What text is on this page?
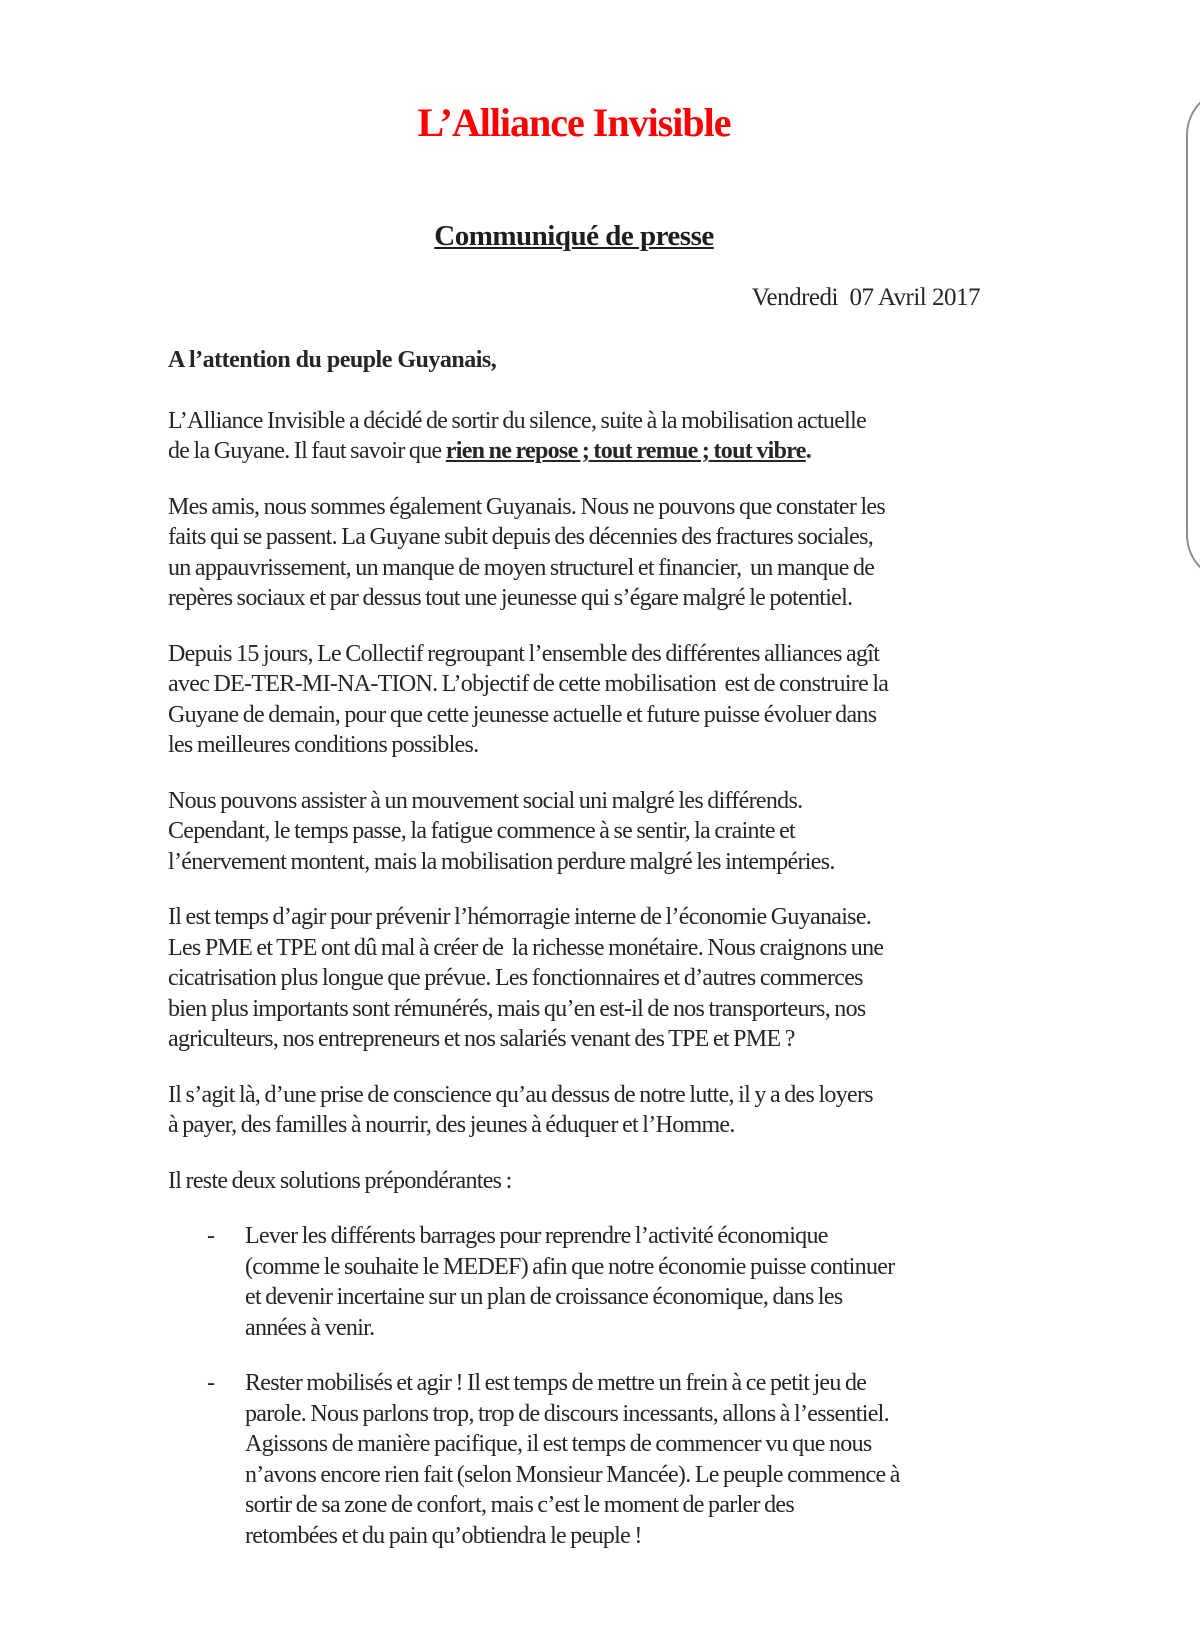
L’Alliance Invisible
Communiqué de presse
Vendredi  07 Avril 2017
A l’attention du peuple Guyanais,
L’Alliance Invisible a décidé de sortir du silence, suite à la mobilisation actuelle
de la Guyane. Il faut savoir que rien ne repose ; tout remue ; tout vibre.
Mes amis, nous sommes également Guyanais. Nous ne pouvons que constater les
faits qui se passent. La Guyane subit depuis des décennies des fractures sociales,
un appauvrissement, un manque de moyen structurel et financier,  un manque de
repères sociaux et par dessus tout une jeunesse qui s’égare malgré le potentiel.
Depuis 15 jours, Le Collectif regroupant l’ensemble des différentes alliances agît
avec DE-TER-MI-NA-TION. L’objectif de cette mobilisation  est de construire la
Guyane de demain, pour que cette jeunesse actuelle et future puisse évoluer dans
les meilleures conditions possibles.
Nous pouvons assister à un mouvement social uni malgré les différends.
Cependant, le temps passe, la fatigue commence à se sentir, la crainte et
l’énervement montent, mais la mobilisation perdure malgré les intempéries.
Il est temps d’agir pour prévenir l’hémorragie interne de l’économie Guyanaise.
Les PME et TPE ont dû mal à créer de  la richesse monétaire. Nous craignons une
cicatrisation plus longue que prévue. Les fonctionnaires et d’autres commerces
bien plus importants sont rémunérés, mais qu’en est-il de nos transporteurs, nos
agriculteurs, nos entrepreneurs et nos salariés venant des TPE et PME ?
Il s’agit là, d’une prise de conscience qu’au dessus de notre lutte, il y a des loyers
à payer, des familles à nourrir, des jeunes à éduquer et l’Homme.
Il reste deux solutions prépondérantes :
- Lever les différents barrages pour reprendre l’activité économique
(comme le souhaite le MEDEF) afin que notre économie puisse continuer
et devenir incertaine sur un plan de croissance économique, dans les
années à venir.
- Rester mobilisés et agir ! Il est temps de mettre un frein à ce petit jeu de
parole. Nous parlons trop, trop de discours incessants, allons à l’essentiel.
Agissons de manière pacifique, il est temps de commencer vu que nous
n’avons encore rien fait (selon Monsieur Mancée). Le peuple commence à
sortir de sa zone de confort, mais c’est le moment de parler des
retombées et du pain qu’obtiendra le peuple !
